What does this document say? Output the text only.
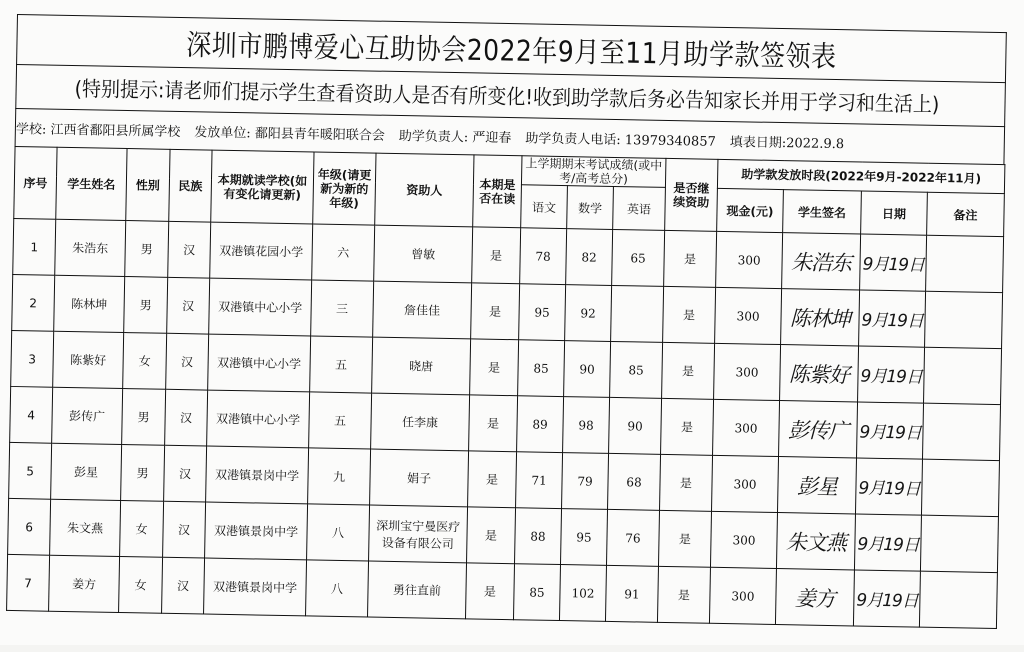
深圳市鹏博爱心互助协会2022年9月至11月助学款签领表
(特别提示:请老师们提示学生查看资助人是否有所变化!收到助学款后务必告知家长并用于学习和生活上)
学校: 江西省鄱阳县所属学校 发放单位: 鄱阳县青年暖阳联合会 助学负责人: 严迎春 助学负责人电话: 13979340857 填表日期:2022.9.8
序号	学生姓名	性别	民族	本期就读学校(如有变化请更新)	年级(请更新为新的年级)	资助人	本期是否在读	上学期期末考试成绩(或中考/高考总分)			是否继续资助	助学款发放时段(2022年9月-2022年11月)			
								语文	数学	英语		现金(元)	学生签名	日期	备注
1	朱浩东	男	汉	双港镇花园小学	六	曾敏	是	78	82	65	是	300	朱浩东	9月19日	
2	陈林坤	男	汉	双港镇中心小学	三	詹佳佳	是	95	92		是	300	陈林坤	9月19日	
3	陈紫好	女	汉	双港镇中心小学	五	晓唐	是	85	90	85	是	300	陈紫好	9月19日	
4	彭传广	男	汉	双港镇中心小学	五	任李康	是	89	98	90	是	300	彭传广	9月19日	
5	彭星	男	汉	双港镇景岗中学	九	娟子	是	71	79	68	是	300	彭星	9月19日	
6	朱文燕	女	汉	双港镇景岗中学	八	深圳宝宁曼医疗设备有限公司	是	88	95	76	是	300	朱文燕	9月19日	
7	姜方	女	汉	双港镇景岗中学	八	勇往直前	是	85	102	91	是	300	姜方	9月19日	
